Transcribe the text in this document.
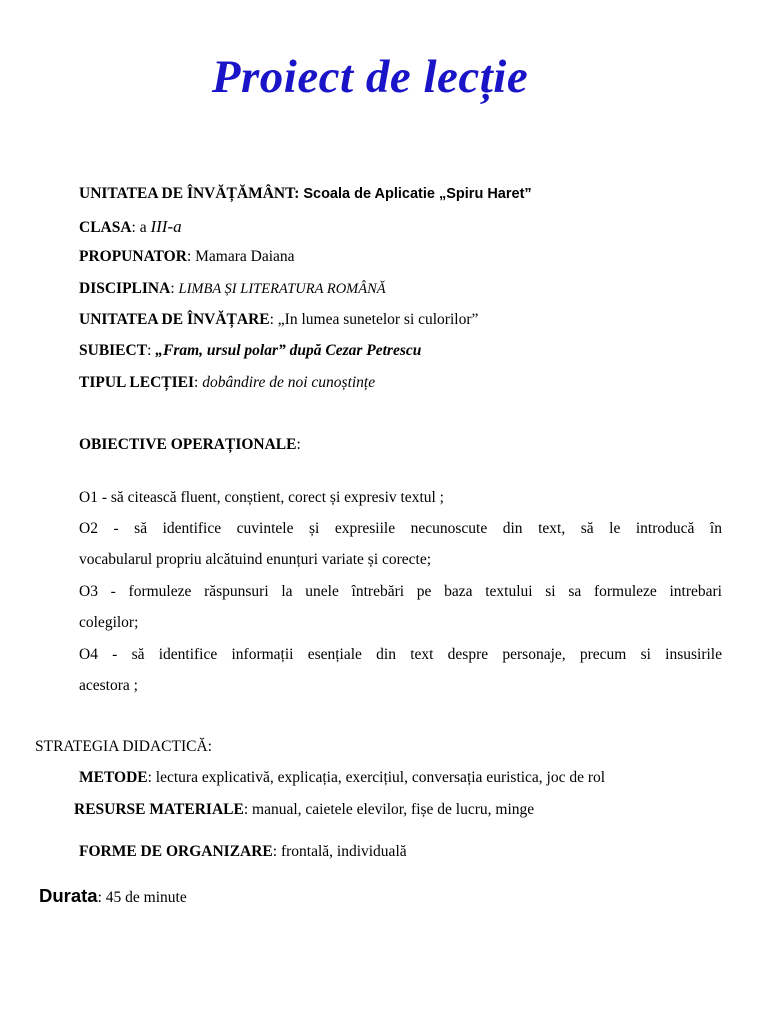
Proiect de lecție
UNITATEA DE ÎNVĂȚĂMÂNT: Scoala de Aplicatie „Spiru Haret”
CLASA: a III-a
PROPUNATOR: Mamara Daiana
DISCIPLINA: LIMBA ȘI LITERATURA ROMÂNĂ
UNITATEA DE ÎNVĂȚARE: „In lumea sunetelor si culorilor”
SUBIECT: „Fram, ursul polar” după Cezar Petrescu
TIPUL LECȚIEI: dobândire de noi cunoștințe
OBIECTIVE OPERAȚIONALE:
O1 - să citească fluent, conștient, corect și expresiv textul ;
O2 - să identifice cuvintele și expresiile necunoscute din text, să le introducă în
vocabularul propriu alcătuind enunțuri variate și corecte;
O3 - formuleze răspunsuri la unele întrebări pe baza textului si sa formuleze intrebari
colegilor;
O4 - să identifice informații esențiale din text despre personaje, precum si insusirile
acestora ;
STRATEGIA DIDACTICĂ:
METODE: lectura explicativă, explicația, exercițiul, conversația euristica, joc de rol
RESURSE MATERIALE: manual, caietele elevilor, fișe de lucru, minge
FORME DE ORGANIZARE: frontală, individuală
Durata: 45 de minute
